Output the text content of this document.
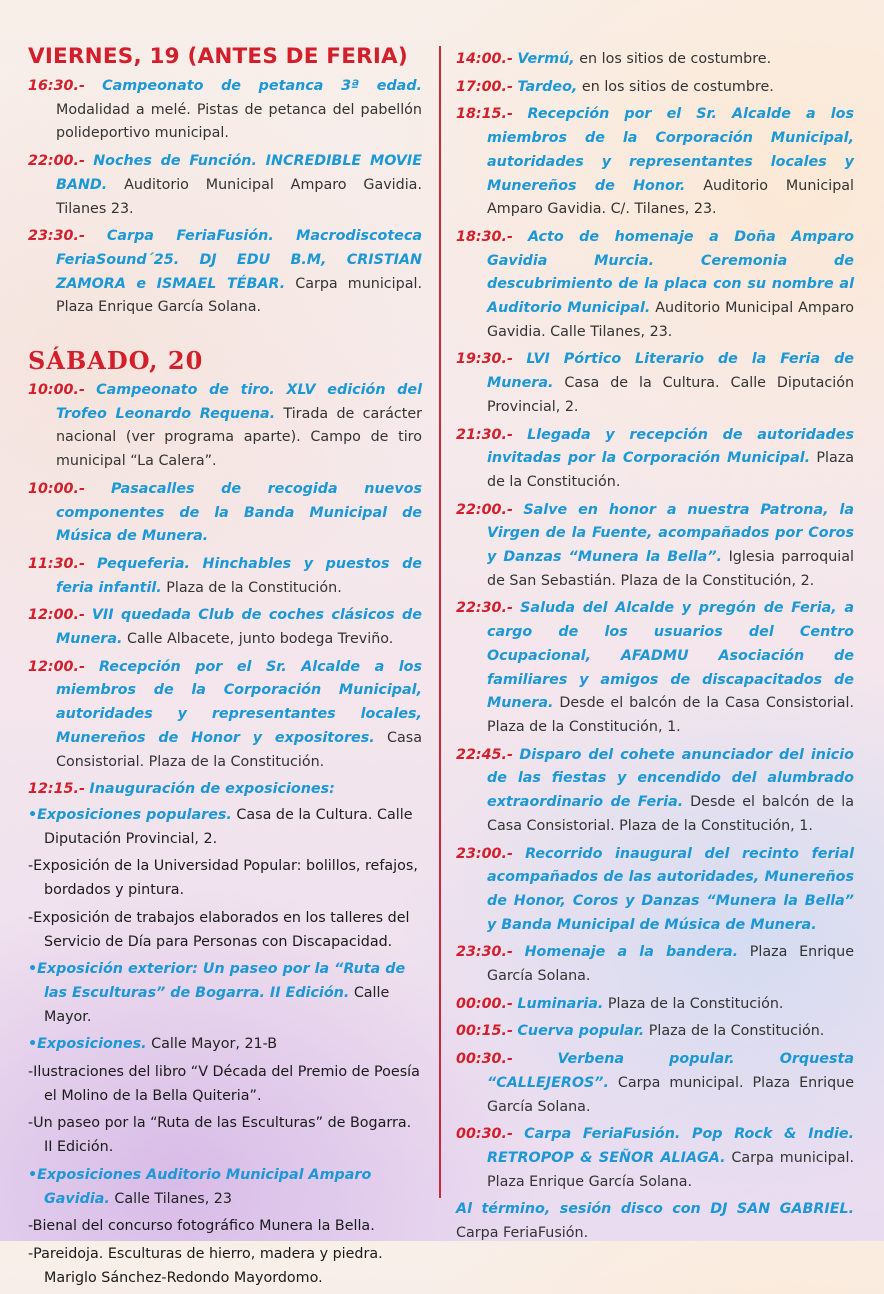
VIERNES, 19 (ANTES DE FERIA)

16:30.- Campeonato de petanca 3ª edad. Modalidad a melé. Pistas de petanca del pabellón polideportivo municipal.

22:00.- Noches de Función. INCREDIBLE MOVIE BAND. Auditorio Municipal Amparo Gavidia. Tilanes 23.

23:30.- Carpa FeriaFusión. Macrodiscoteca FeriaSound´25. DJ EDU B.M, CRISTIAN ZAMORA e ISMAEL TÉBAR. Carpa municipal. Plaza Enrique García Solana.

SÁBADO, 20

10:00.- Campeonato de tiro. XLV edición del Trofeo Leonardo Requena. Tirada de carácter nacional (ver programa aparte). Campo de tiro municipal “La Calera”.

10:00.- Pasacalles de recogida nuevos componentes de la Banda Municipal de Música de Munera.

11:30.- Pequeferia. Hinchables y puestos de feria infantil. Plaza de la Constitución.

12:00.- VII quedada Club de coches clásicos de Munera. Calle Albacete, junto bodega Treviño.

12:00.- Recepción por el Sr. Alcalde a los miembros de la Corporación Municipal, autoridades y representantes locales, Munereños de Honor y expositores. Casa Consistorial. Plaza de la Constitución.

12:15.- Inauguración de exposiciones:

•Exposiciones populares. Casa de la Cultura. Calle Diputación Provincial, 2.

-Exposición de la Universidad Popular: bolillos, refajos, bordados y pintura.

-Exposición de trabajos elaborados en los talleres del Servicio de Día para Personas con Discapacidad.

•Exposición exterior: Un paseo por la “Ruta de las Esculturas” de Bogarra. II Edición. Calle Mayor.

•Exposiciones. Calle Mayor, 21-B

-Ilustraciones del libro “V Década del Premio de Poesía el Molino de la Bella Quiteria”.

-Un paseo por la “Ruta de las Esculturas” de Bogarra. II Edición.

•Exposiciones Auditorio Municipal Amparo Gavidia. Calle Tilanes, 23

-Bienal del concurso fotográfico Munera la Bella.

-Pareidoja. Esculturas de hierro, madera y piedra. Mariglo Sánchez-Redondo Mayordomo.

14:00.- Vermú, en los sitios de costumbre.

17:00.- Tardeo, en los sitios de costumbre.

18:15.- Recepción por el Sr. Alcalde a los miembros de la Corporación Municipal, autoridades y representantes locales y Munereños de Honor. Auditorio Municipal Amparo Gavidia. C/. Tilanes, 23.

18:30.- Acto de homenaje a Doña Amparo Gavidia Murcia. Ceremonia de descubrimiento de la placa con su nombre al Auditorio Municipal. Auditorio Municipal Amparo Gavidia. Calle Tilanes, 23.

19:30.- LVI Pórtico Literario de la Feria de Munera. Casa de la Cultura. Calle Diputación Provincial, 2.

21:30.- Llegada y recepción de autoridades invitadas por la Corporación Municipal. Plaza de la Constitución.

22:00.- Salve en honor a nuestra Patrona, la Virgen de la Fuente, acompañados por Coros y Danzas “Munera la Bella”. Iglesia parroquial de San Sebastián. Plaza de la Constitución, 2.

22:30.- Saluda del Alcalde y pregón de Feria, a cargo de los usuarios del Centro Ocupacional, AFADMU Asociación de familiares y amigos de discapacitados de Munera. Desde el balcón de la Casa Consistorial. Plaza de la Constitución, 1.

22:45.- Disparo del cohete anunciador del inicio de las fiestas y encendido del alumbrado extraordinario de Feria. Desde el balcón de la Casa Consistorial. Plaza de la Constitución, 1.

23:00.- Recorrido inaugural del recinto ferial acompañados de las autoridades, Munereños de Honor, Coros y Danzas “Munera la Bella” y Banda Municipal de Música de Munera.

23:30.- Homenaje a la bandera. Plaza Enrique García Solana.

00:00.- Luminaria. Plaza de la Constitución.

00:15.- Cuerva popular. Plaza de la Constitución.

00:30.-	Verbena popular. Orquesta “CALLEJEROS”. Carpa municipal. Plaza Enrique García Solana.

00:30.- Carpa FeriaFusión. Pop Rock & Indie. RETROPOP & SEÑOR ALIAGA. Carpa municipal. Plaza Enrique García Solana.

Al término, sesión disco con DJ SAN GABRIEL. Carpa FeriaFusión.
